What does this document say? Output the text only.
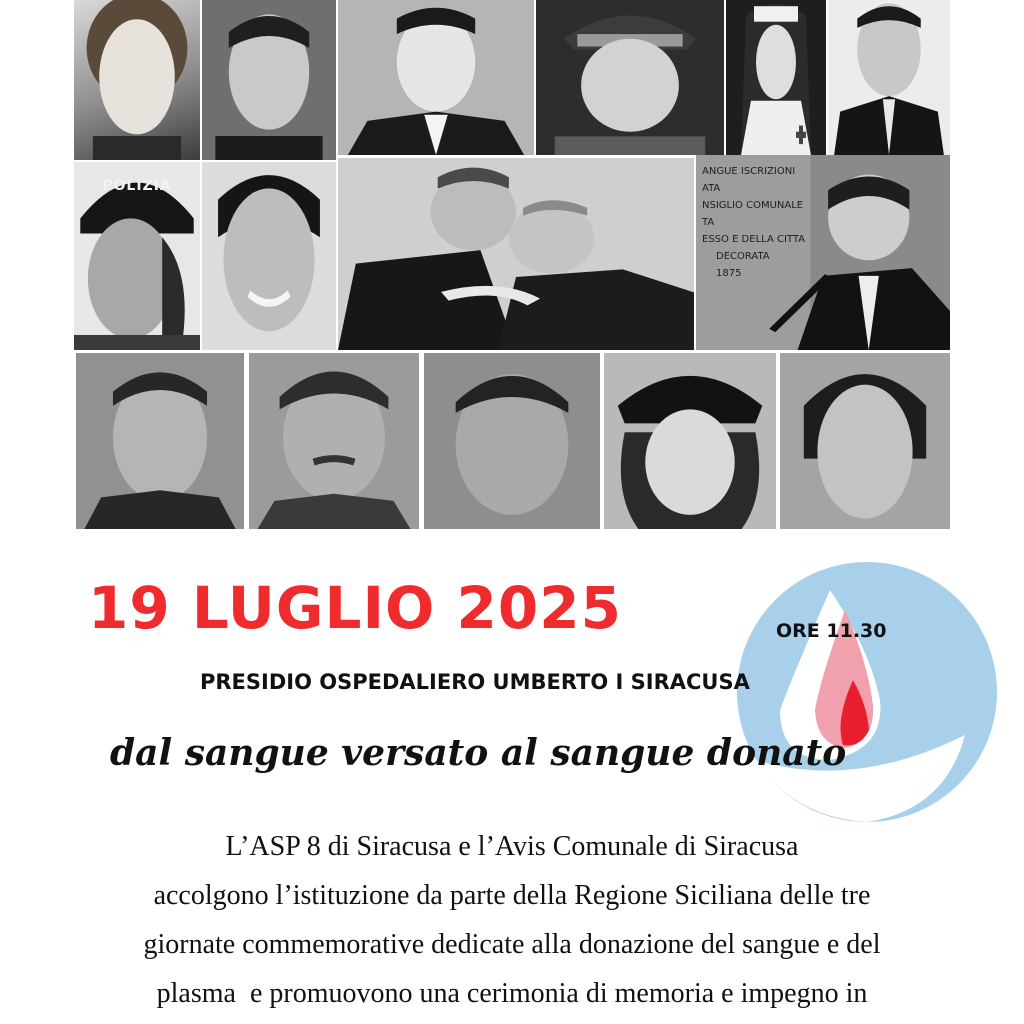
POLIZIA
ANGUE ISCRIZIONI
ATA
NSIGLIO COMUNALE
TA
ESSO E DELLA CITTA
DECORATA
1875
19 LUGLIO 2025	ORE 11.30
PRESIDIO OSPEDALIERO UMBERTO I SIRACUSA
dal sangue versato al sangue donato

L’ASP 8 di Siracusa e l’Avis Comunale di Siracusa
accolgono l’istituzione da parte della Regione Siciliana delle tre
giornate commemorative dedicate alla donazione del sangue e del
plasma  e promuovono una cerimonia di memoria e impegno in
